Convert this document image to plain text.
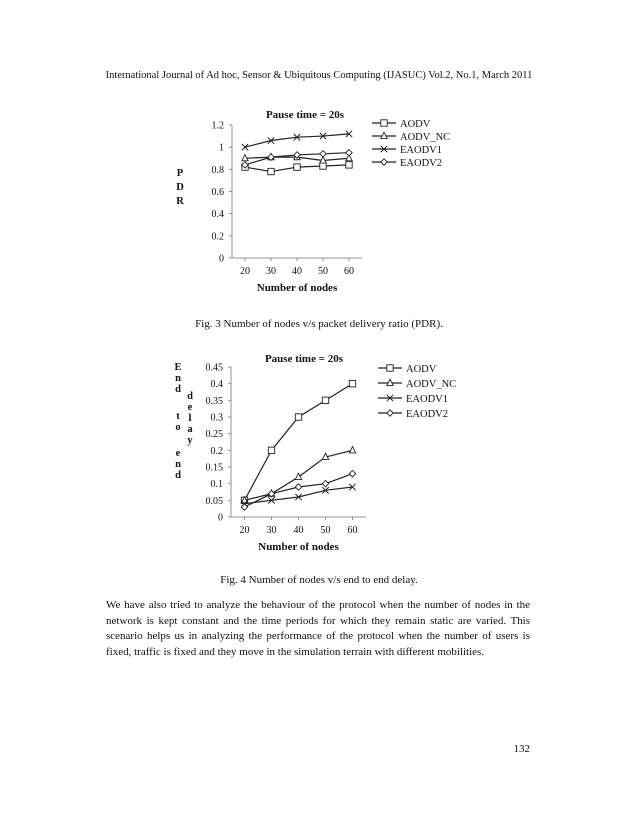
International Journal of Ad hoc, Sensor & Ubiquitous Computing (IJASUC) Vol.2, No.1, March 2011
Pause time = 20s
0
0.2
0.4
0.6
0.8
1
1.2
20 30 40 50 60
Number of nodes
P
D
R
AODV
AODV_NC
EAODV1
EAODV2
Fig. 3 Number of nodes v/s packet delivery ratio (PDR).
Pause time = 20s
0
0.05
0.1
0.15
0.2
0.25
0.3
0.35
0.4
0.45
20 30 40 50 60
Number of nodes
E
n
d
t
o
e
n
d
d
e
l
a
y
AODV
AODV_NC
EAODV1
EAODV2
Fig. 4 Number of nodes v/s end to end delay.

We have also tried to analyze the behaviour of the protocol when the number of nodes in the network is kept constant and the time periods for which they remain static are varied. This scenario helps us in analyzing the performance of the protocol when the number of users is fixed, traffic is fixed and they move in the simulation terrain with different mobilities.

132
